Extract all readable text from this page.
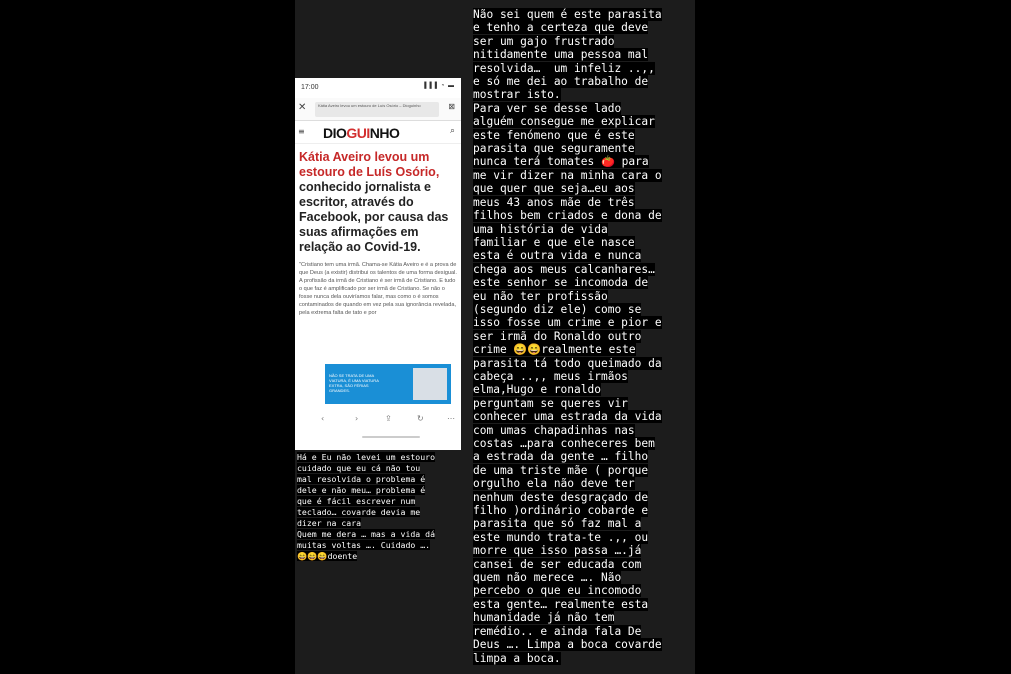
17:00	▐▐▐ ◔ ▬
✕	Kátia Aveiro levou um estouro de Luís Osório – Dioguinho	⊠
≡ DIOGUINHO	⌕

Kátia Aveiro levou um estouro de Luís Osório, conhecido jornalista e escritor, através do Facebook, por causa das suas afirmações em relação ao Covid-19.

"Cristiano tem uma irmã. Chama-se Kátia Aveiro e é a prova de que Deus (a existir) distribui os talentos de uma forma desigual. A profissão da irmã de Cristiano é ser irmã de Cristiano. E tudo o que faz é amplificado por ser irmã de Cristiano. Se não o fosse nunca dela ouviríamos falar, mas como o é somos contaminados de quando em vez pela sua ignorância revelada, pela extrema falta de tato e por
NÃO SE TRATA DE UMA VIATURA, É UMA VIATURA EXTRA, SÃO FÉRIAS GRANDES.
‹	›	⇪	↻	⋯
Há e Eu não levei um estouro
cuidado que eu cá não tou
mal resolvida o problema é
dele e não meu… problema é
que é fácil escrever num
teclado… covarde devia me
dizer na cara
Quem me dera … mas a vida dá
muitas voltas …. Cuidado ….
😄😄😄doente
Não sei quem é este parasita
e tenho a certeza que deve
ser um gajo frustrado
nitidamente uma pessoa mal
resolvida…  um infeliz ..,,
e só me dei ao trabalho de
mostrar isto.
Para ver se desse lado
alguém consegue me explicar
este fenómeno que é este
parasita que seguramente
nunca terá tomates 🍅 para
me vir dizer na minha cara o
que quer que seja…eu aos
meus 43 anos mãe de três
filhos bem criados e dona de
uma história de vida
familiar e que ele nasce
esta é outra vida e nunca
chega aos meus calcanhares…
este senhor se incomoda de
eu não ter profissão
(segundo diz ele) como se
isso fosse um crime e pior e
ser irmã do Ronaldo outro
crime 😄😄realmente este
parasita tá todo queimado da
cabeça ..,, meus irmãos
elma,Hugo e ronaldo
perguntam se queres vir
conhecer uma estrada da vida
com umas chapadinhas nas
costas …para conheceres bem
a estrada da gente … filho
de uma triste mãe ( porque
orgulho ela não deve ter
nenhum deste desgraçado de
filho )ordinário cobarde e
parasita que só faz mal a
este mundo trata-te .,, ou
morre que isso passa ….já
cansei de ser educada com
quem não merece …. Não
percebo o que eu incomodo
esta gente… realmente esta
humanidade já não tem
remédio.. e ainda fala De
Deus …. Limpa a boca covarde
limpa a boca.
